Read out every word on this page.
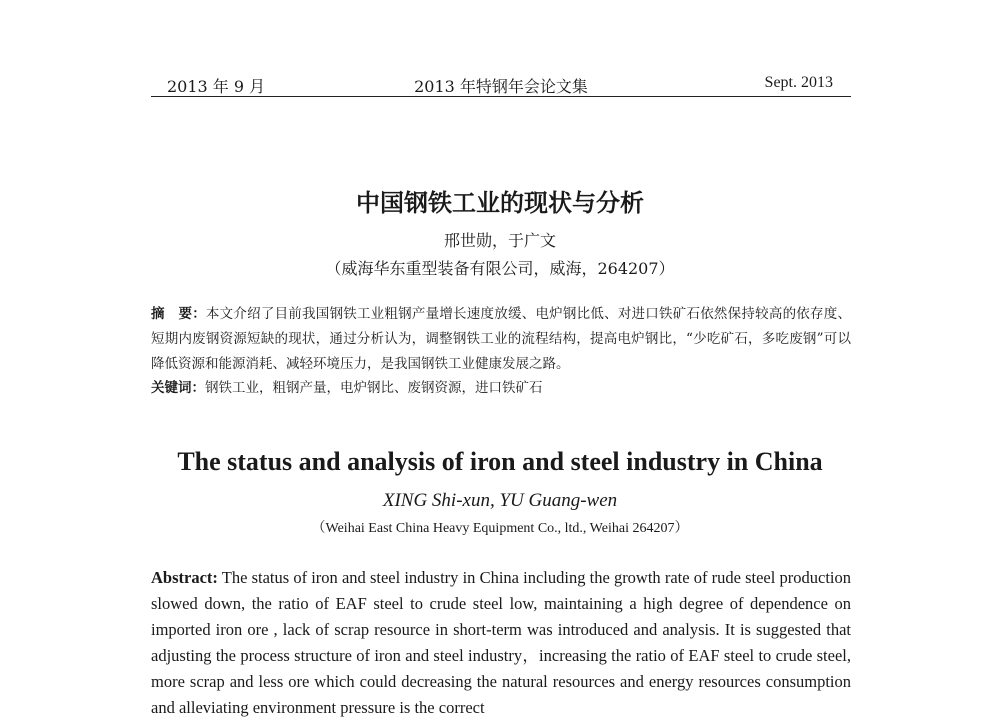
2013 年 9 月	2013 年特钢年会论文集	Sept. 2013
中国钢铁工业的现状与分析
邢世勋，于广文
（威海华东重型装备有限公司，威海，264207）
摘　要：本文介绍了目前我国钢铁工业粗钢产量增长速度放缓、电炉钢比低、对进口铁矿石依然保持较高的依存度、短期内废钢资源短缺的现状，通过分析认为，调整钢铁工业的流程结构，提高电炉钢比，“少吃矿石，多吃废钢”可以降低资源和能源消耗、减轻环境压力，是我国钢铁工业健康发展之路。
关键词：钢铁工业，粗钢产量，电炉钢比、废钢资源，进口铁矿石
The status and analysis of iron and steel industry in China
XING Shi-xun, YU Guang-wen
（Weihai East China Heavy Equipment Co., ltd., Weihai 264207）
Abstract: The status of iron and steel industry in China including the growth rate of rude steel production slowed down, the ratio of EAF steel to crude steel low, maintaining a high degree of dependence on imported iron ore , lack of scrap resource in short-term was introduced and analysis. It is suggested that adjusting the process structure of iron and steel industry，increasing the ratio of EAF steel to crude steel, more scrap and less ore which could decreasing the natural resources and energy resources consumption and alleviating environment pressure is the correct
